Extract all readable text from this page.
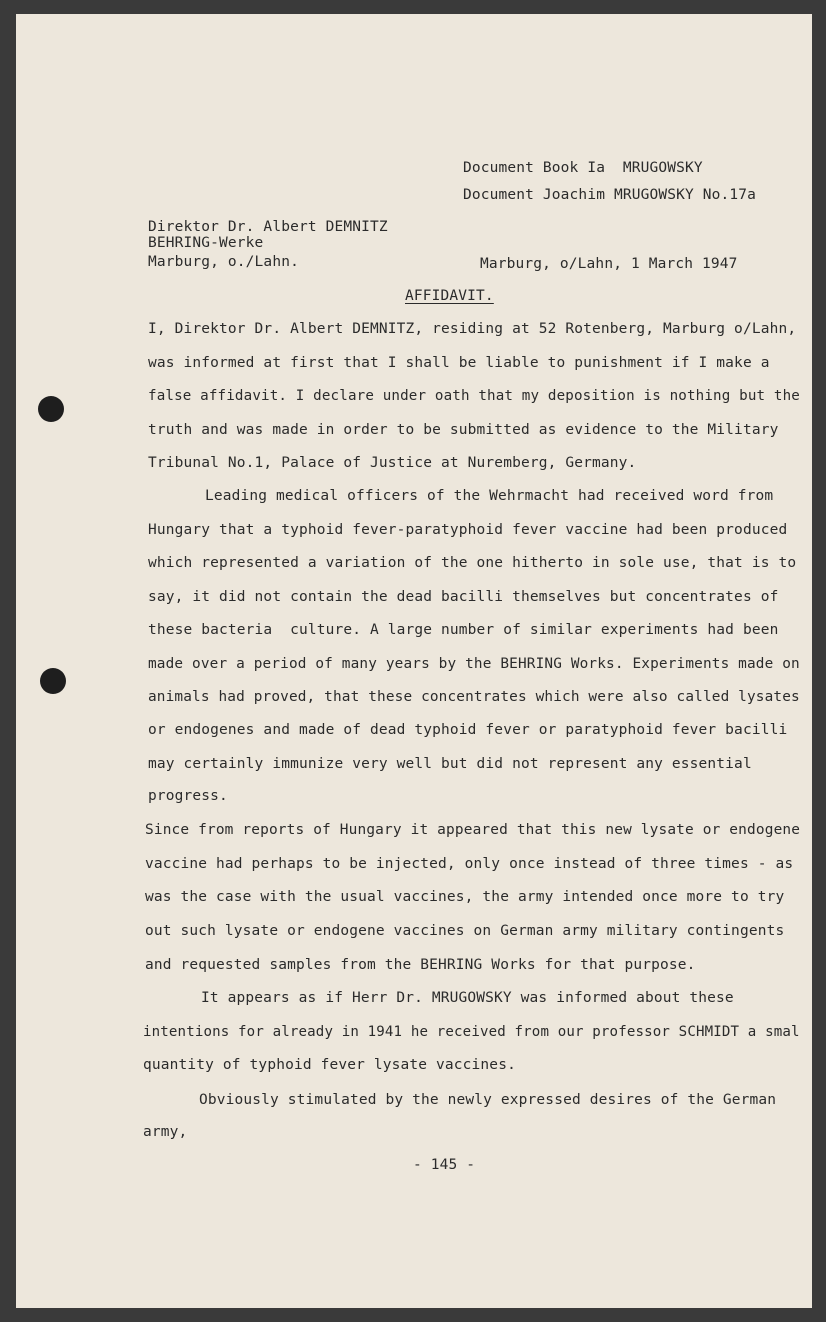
Document Book Ia  MRUGOWSKY
Document Joachim MRUGOWSKY No.17a
Direktor Dr. Albert DEMNITZ
BEHRING-Werke
Marburg, o./Lahn.	Marburg, o/Lahn, 1 March 1947
AFFIDAVIT.
I, Direktor Dr. Albert DEMNITZ, residing at 52 Rotenberg, Marburg o/Lahn,
was informed at first that I shall be liable to punishment if I make a
false affidavit. I declare under oath that my deposition is nothing but the
truth and was made in order to be submitted as evidence to the Military
Tribunal No.1, Palace of Justice at Nuremberg, Germany.
Leading medical officers of the Wehrmacht had received word from
Hungary that a typhoid fever-paratyphoid fever vaccine had been produced
which represented a variation of the one hitherto in sole use, that is to
say, it did not contain the dead bacilli themselves but concentrates of
these bacteria  culture. A large number of similar experiments had been
made over a period of many years by the BEHRING Works. Experiments made on
animals had proved, that these concentrates which were also called lysates
or endogenes and made of dead typhoid fever or paratyphoid fever bacilli
may certainly immunize very well but did not represent any essential
progress.
Since from reports of Hungary it appeared that this new lysate or endogene
vaccine had perhaps to be injected, only once instead of three times - as
was the case with the usual vaccines, the army intended once more to try
out such lysate or endogene vaccines on German army military contingents
and requested samples from the BEHRING Works for that purpose.
It appears as if Herr Dr. MRUGOWSKY was informed about these
intentions for already in 1941 he received from our professor SCHMIDT a smal
quantity of typhoid fever lysate vaccines.
Obviously stimulated by the newly expressed desires of the German
army,
- 145 -
